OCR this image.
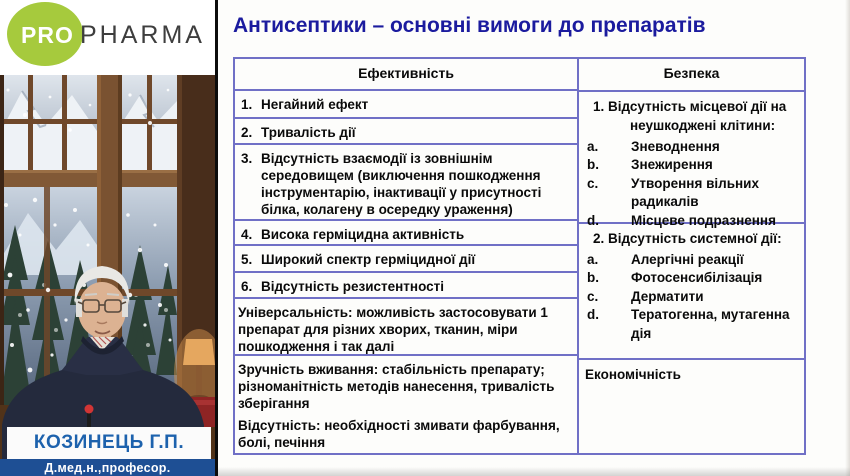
PRO PHARMA
КОЗИНЕЦЬ Г.П.
Д.мед.н.,професор.
Антисептики – основні вимоги до препаратів
Ефективність
1. Негайний ефект
2. Тривалість дії
3. Відсутність взаємодії із зовнішнім середовищем (виключення пошкодження інструментарію, інактивації у присутності білка, колагену в осередку ураження)
4. Висока герміцидна активність
5. Широкий спектр герміцидної дії
6. Відсутність резистентності
Універсальність: можливість застосовувати 1 препарат для різних хворих, тканин, міри пошкодження і так далі

Зручність вживання: стабільність препарату; різноманітність методів нанесення, тривалість зберігання

Відсутність: необхідності змивати фарбування, болі, печіння

Безпека
1. Відсутність місцевої дії на неушкоджені клітини:
a.	Зневоднення
b.	Знежирення
c.	Утворення вільних радикалів
d.	Місцеве подразнення
2. Відсутність системної дії:
a.	Алергічні реакції
b.	Фотосенсибілізація
c.	Дерматити
d.	Тератогенна, мутагенна дія
Економічність
